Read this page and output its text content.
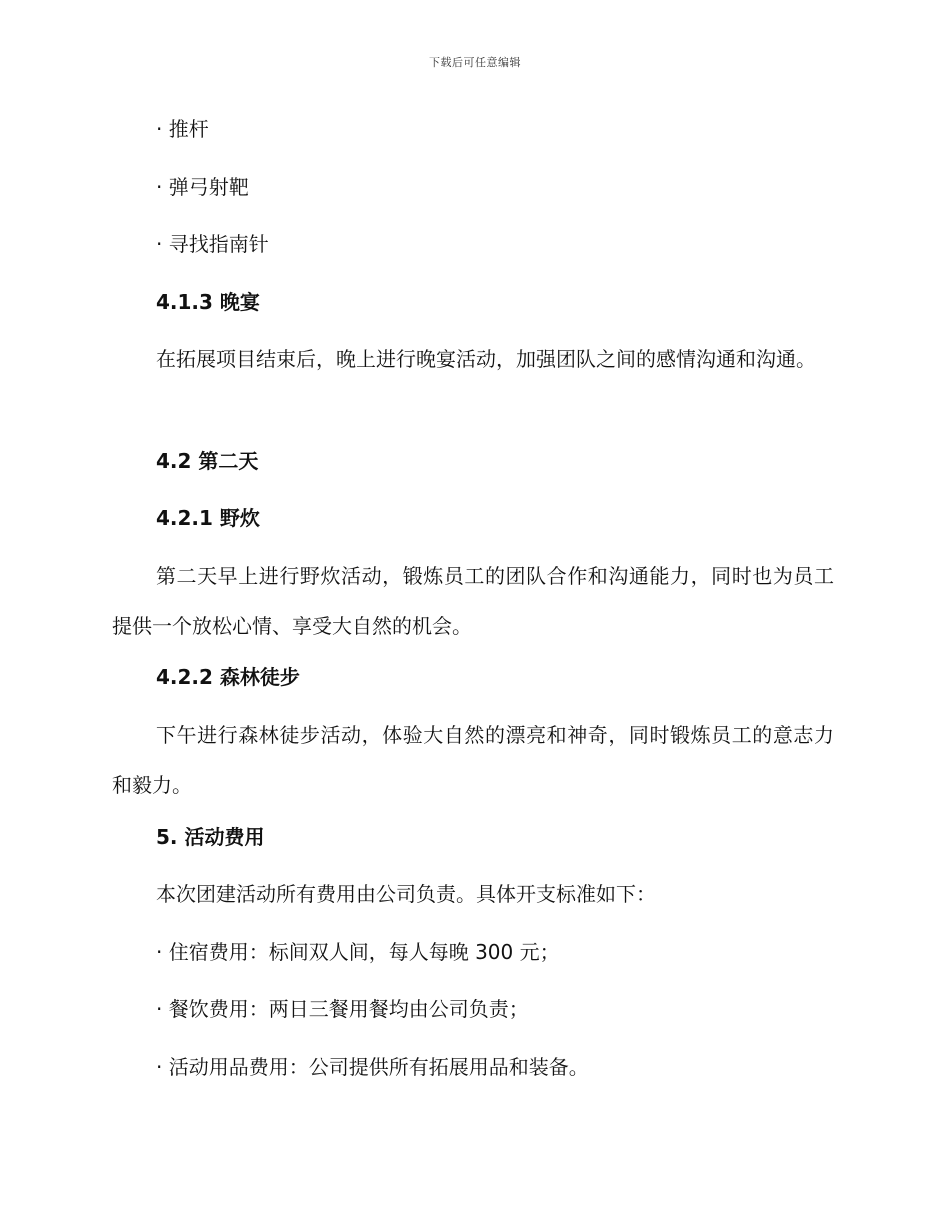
下载后可任意编辑
· 推杆
· 弹弓射靶
· 寻找指南针
4.1.3 晚宴
在拓展项目结束后，晚上进行晚宴活动，加强团队之间的感情沟通和沟通。
4.2 第二天
4.2.1 野炊
第二天早上进行野炊活动，锻炼员工的团队合作和沟通能力，同时也为员工提供一个放松心情、享受大自然的机会。
4.2.2 森林徒步
下午进行森林徒步活动，体验大自然的漂亮和神奇，同时锻炼员工的意志力和毅力。
5. 活动费用
本次团建活动所有费用由公司负责。具体开支标准如下：
· 住宿费用：标间双人间，每人每晚 300 元；
· 餐饮费用：两日三餐用餐均由公司负责；
· 活动用品费用：公司提供所有拓展用品和装备。
